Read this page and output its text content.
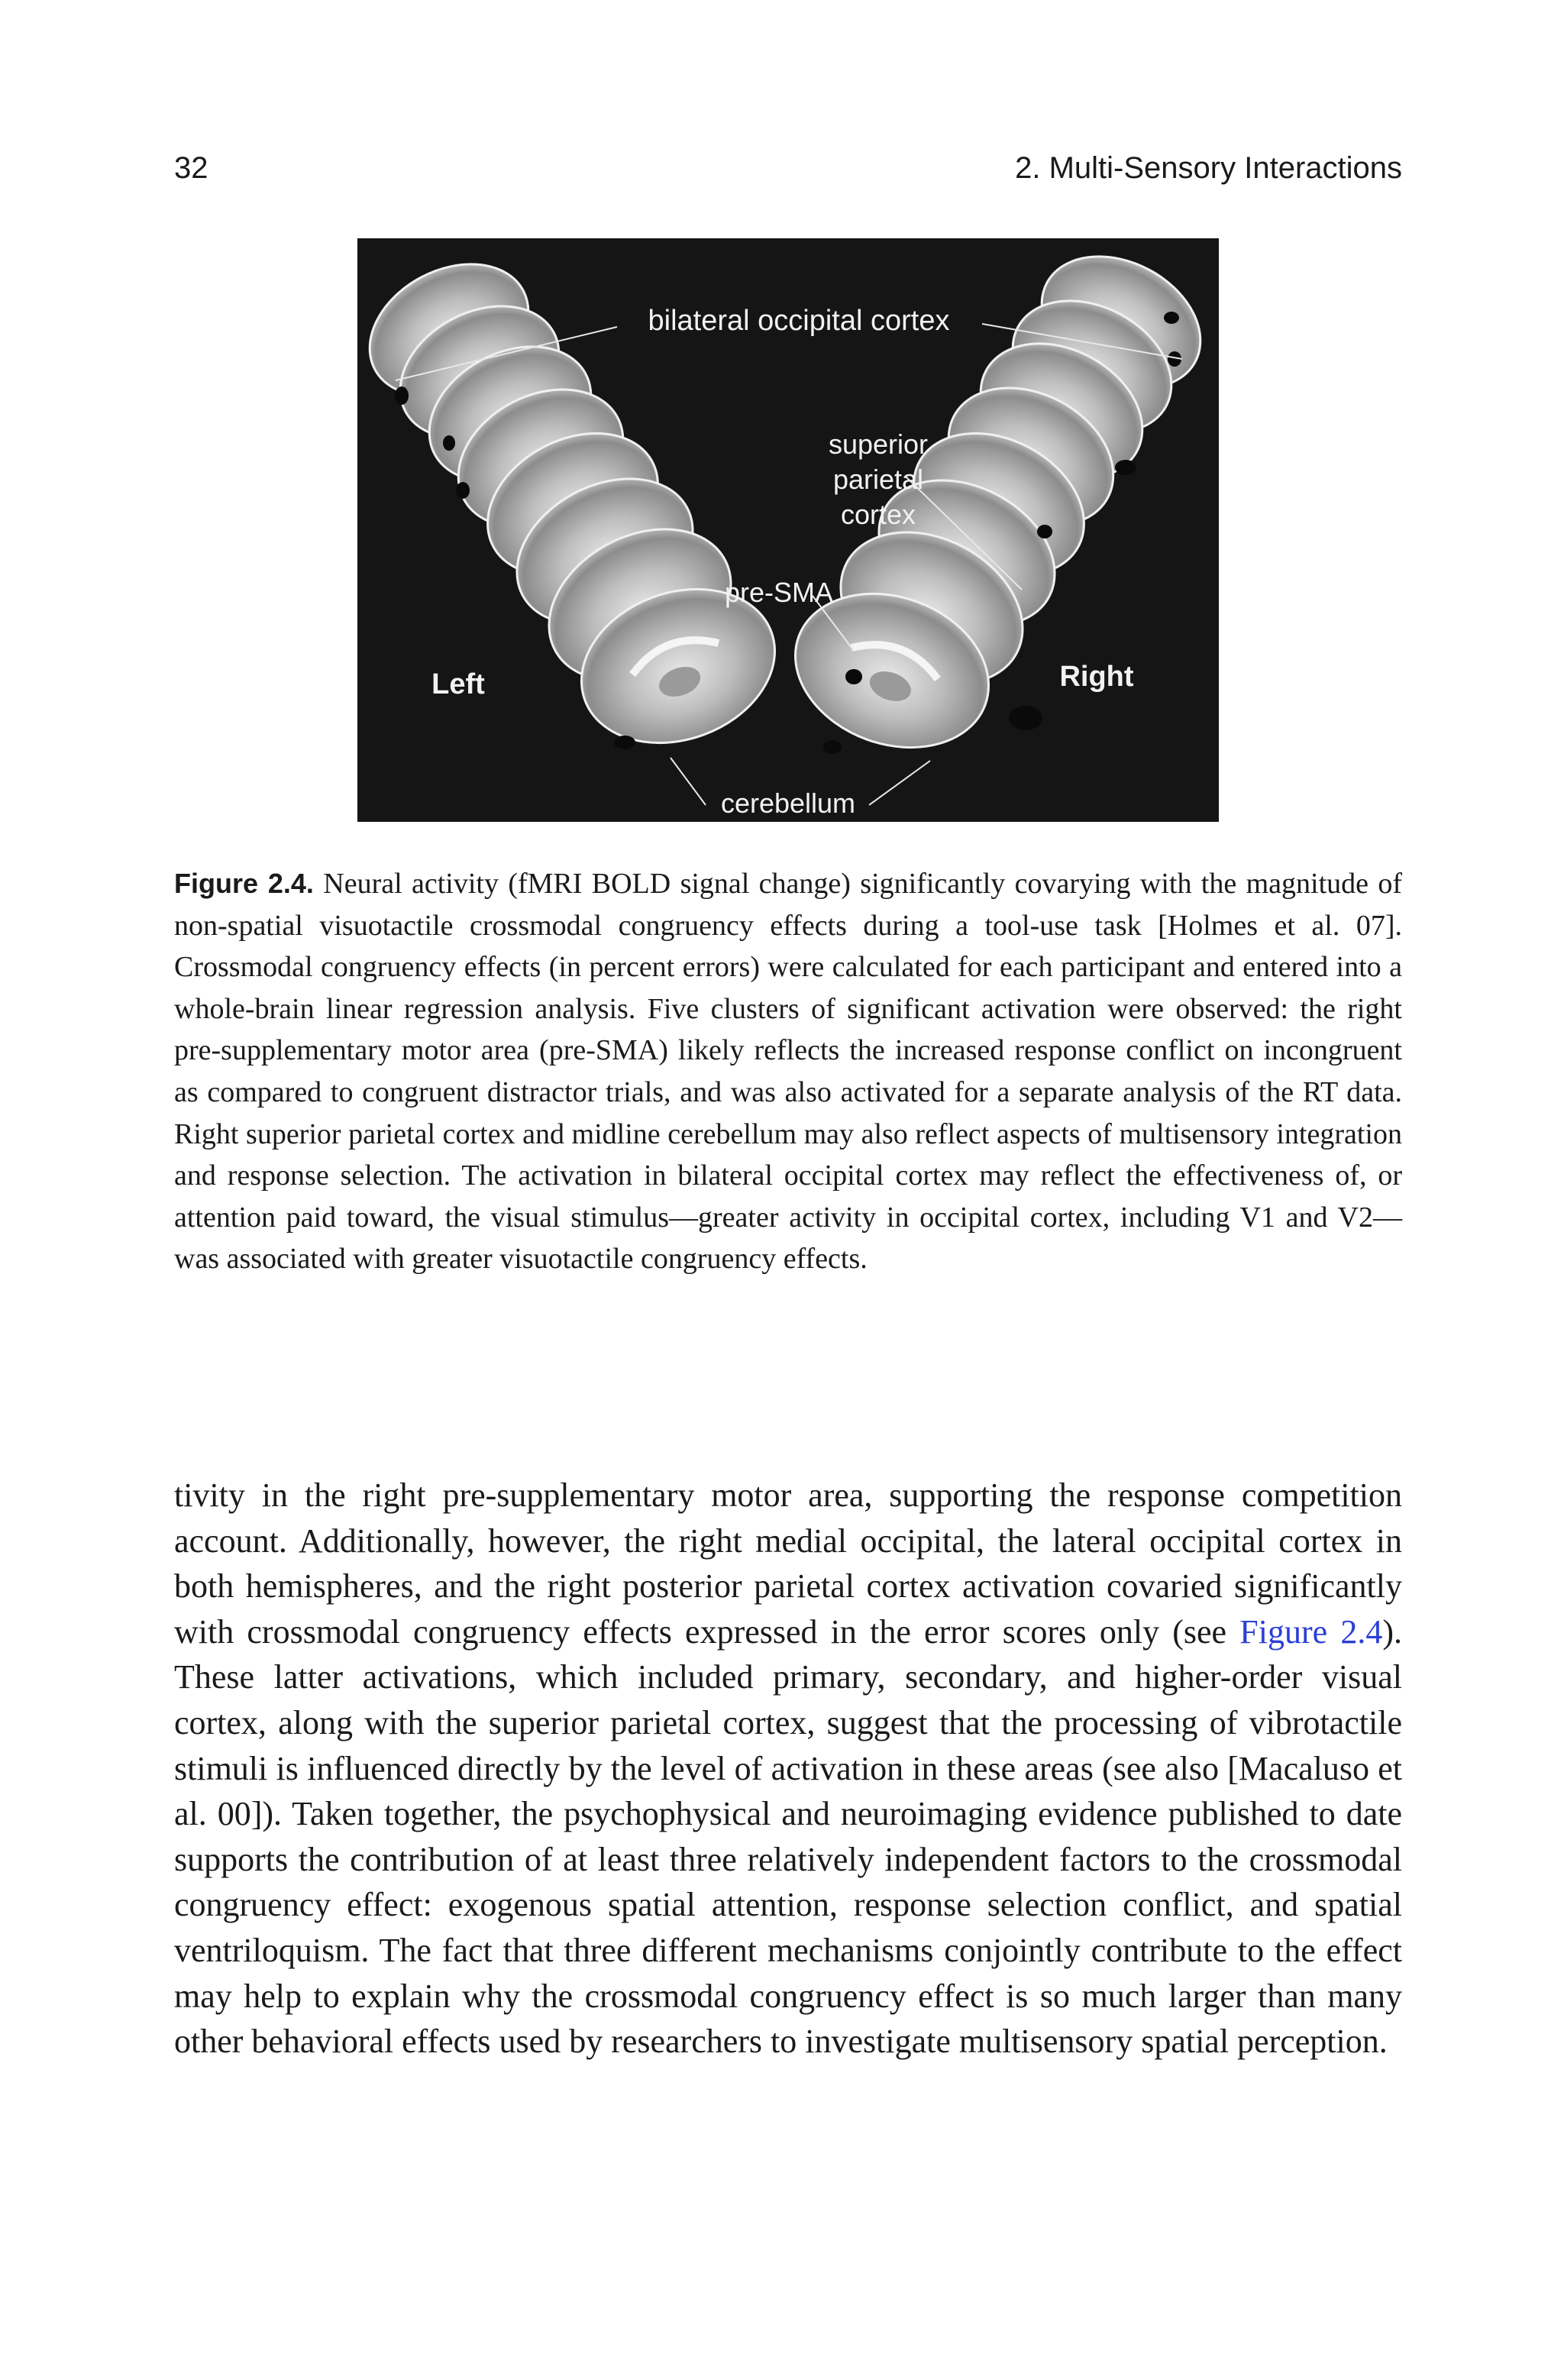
32	2. Multi-Sensory Interactions
bilateral occipital cortex
superior
parietal
cortex
pre-SMA
Left	Right
cerebellum

Figure 2.4. Neural activity (fMRI BOLD signal change) significantly covarying with the magnitude of non-spatial visuotactile crossmodal congruency effects during a tool-use task [Holmes et al. 07]. Crossmodal congruency effects (in percent errors) were calculated for each participant and entered into a whole-brain linear regression analysis. Five clusters of significant activation were observed: the right pre-supplementary motor area (pre-SMA) likely reflects the increased response conflict on incongruent as compared to congruent distractor trials, and was also activated for a separate analysis of the RT data. Right superior parietal cortex and midline cerebellum may also reflect aspects of multisensory integration and response selection. The activation in bilateral occipital cortex may reflect the effectiveness of, or attention paid toward, the visual stimulus—greater activity in occipital cortex, including V1 and V2—was associated with greater visuotactile congruency effects.

tivity in the right pre-supplementary motor area, supporting the response competition account. Additionally, however, the right medial occipital, the lateral occipital cortex in both hemispheres, and the right posterior parietal cortex activation covaried significantly with crossmodal congruency effects expressed in the error scores only (see Figure 2.4). These latter activations, which included primary, secondary, and higher-order visual cortex, along with the superior parietal cortex, suggest that the processing of vibrotactile stimuli is influenced directly by the level of activation in these areas (see also [Macaluso et al. 00]). Taken together, the psychophysical and neuroimaging evidence published to date supports the contribution of at least three relatively independent factors to the crossmodal congruency effect: exogenous spatial attention, response selection conflict, and spatial ventriloquism. The fact that three different mechanisms conjointly contribute to the effect may help to explain why the crossmodal congruency effect is so much larger than many other behavioral effects used by researchers to investigate multisensory spatial perception.
